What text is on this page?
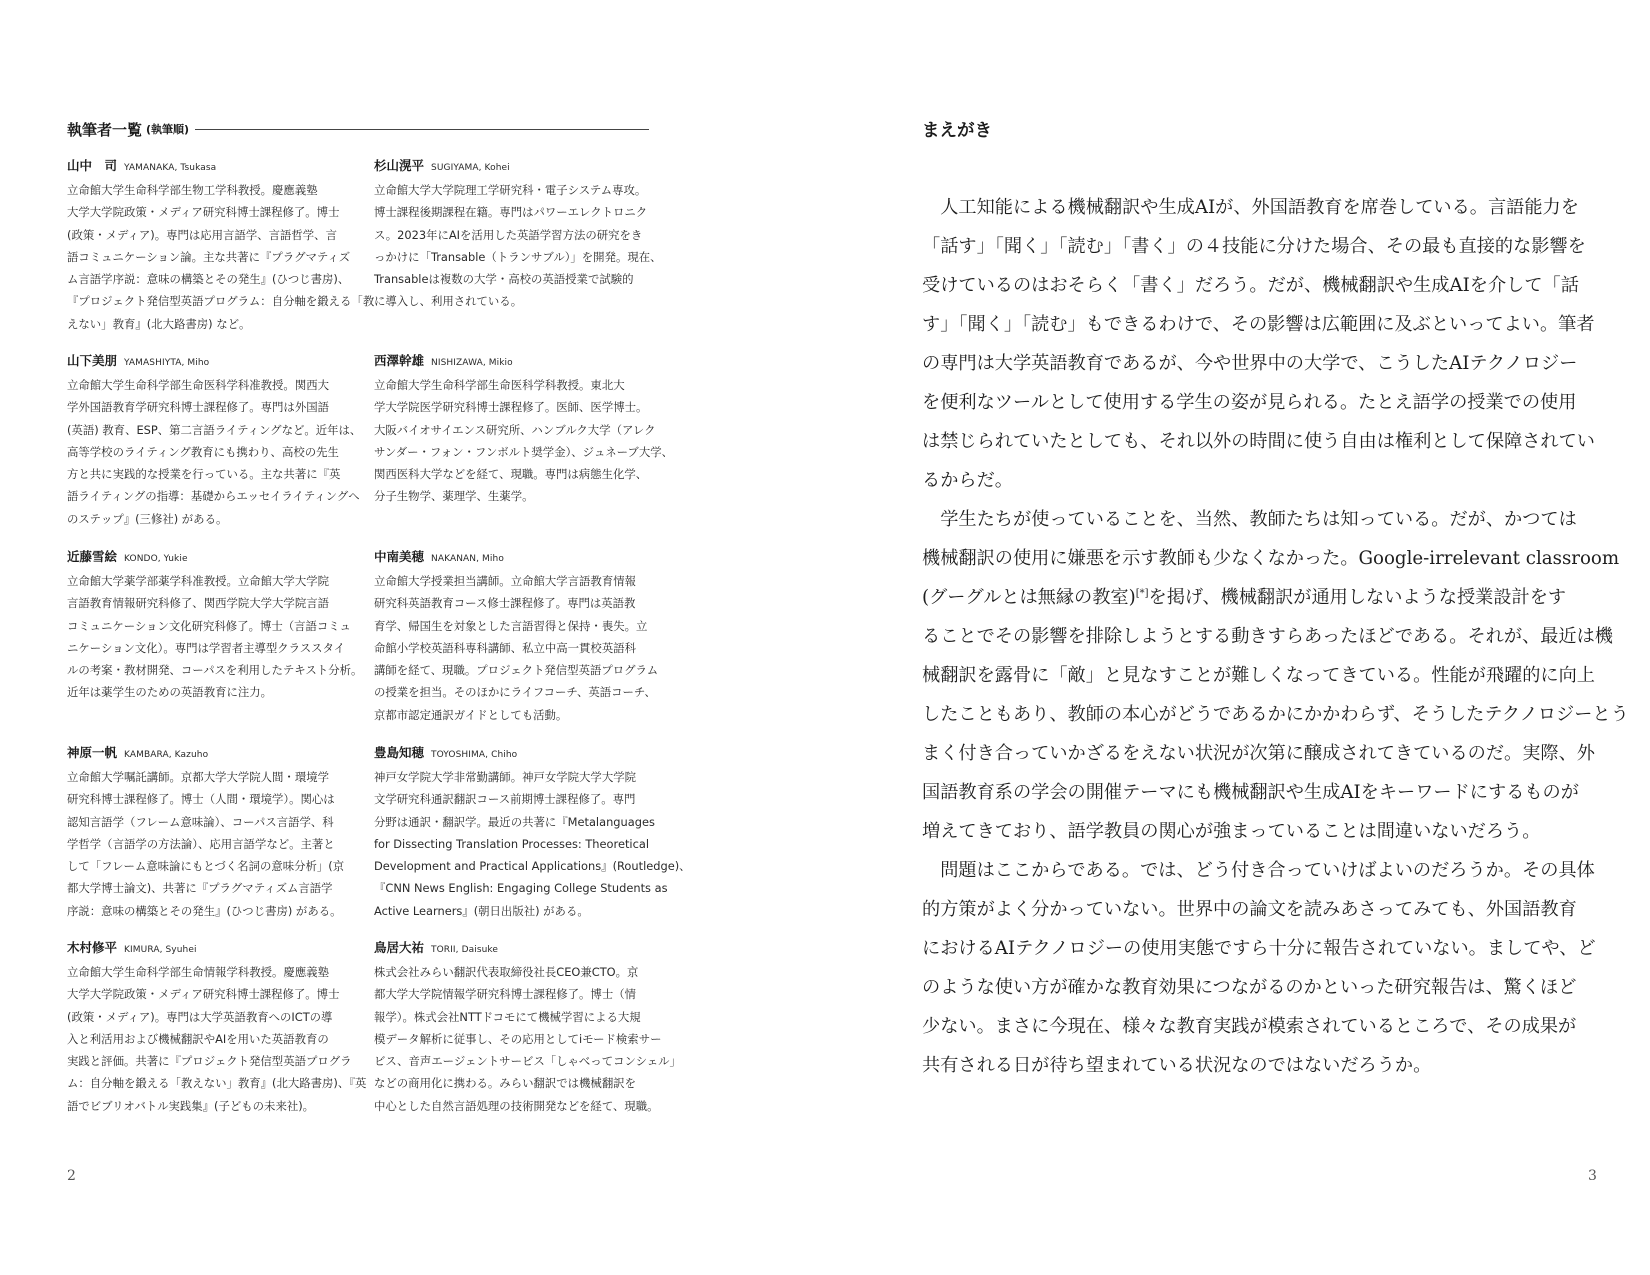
執筆者一覧 (執筆順)
山中　司 YAMANAKA, Tsukasa
立命館大学生命科学部生物工学科教授。慶應義塾
大学大学院政策・メディア研究科博士課程修了。博士
(政策・メディア)。専門は応用言語学、言語哲学、言
語コミュニケーション論。主な共著に『プラグマティズ
ム言語学序説：意味の構築とその発生』(ひつじ書房)、
『プロジェクト発信型英語プログラム：自分軸を鍛える「教
えない」教育』(北大路書房) など。
山下美朋 YAMASHIYTA, Miho
立命館大学生命科学部生命医科学科准教授。関西大
学外国語教育学研究科博士課程修了。専門は外国語
(英語) 教育、ESP、第二言語ライティングなど。近年は、
高等学校のライティング教育にも携わり、高校の先生
方と共に実践的な授業を行っている。主な共著に『英
語ライティングの指導：基礎からエッセイライティングへ
のステップ』(三修社) がある。
近藤雪絵 KONDO, Yukie
立命館大学薬学部薬学科准教授。立命館大学大学院
言語教育情報研究科修了、関西学院大学大学院言語
コミュニケーション文化研究科修了。博士（言語コミュ
ニケーション文化）。専門は学習者主導型クラススタイ
ルの考案・教材開発、コーパスを利用したテキスト分析。
近年は薬学生のための英語教育に注力。
神原一帆 KAMBARA, Kazuho
立命館大学嘱託講師。京都大学大学院人間・環境学
研究科博士課程修了。博士（人間・環境学）。関心は
認知言語学（フレーム意味論）、コーパス言語学、科
学哲学（言語学の方法論）、応用言語学など。主著と
して「フレーム意味論にもとづく名詞の意味分析」(京
都大学博士論文)、共著に『プラグマティズム言語学
序説：意味の構築とその発生』(ひつじ書房) がある。
木村修平 KIMURA, Syuhei
立命館大学生命科学部生命情報学科教授。慶應義塾
大学大学院政策・メディア研究科博士課程修了。博士
(政策・メディア)。専門は大学英語教育へのICTの導
入と利活用および機械翻訳やAIを用いた英語教育の
実践と評価。共著に『プロジェクト発信型英語プログラ
ム：自分軸を鍛える「教えない」教育』(北大路書房)、『英
語でビブリオバトル実践集』(子どもの未来社)。
杉山滉平 SUGIYAMA, Kohei
立命館大学大学院理工学研究科・電子システム専攻。
博士課程後期課程在籍。専門はパワーエレクトロニク
ス。2023年にAIを活用した英語学習方法の研究をき
っかけに「Transable（トランサブル）」を開発。現在、
Transableは複数の大学・高校の英語授業で試験的
に導入し、利用されている。
西澤幹雄 NISHIZAWA, Mikio
立命館大学生命科学部生命医科学科教授。東北大
学大学院医学研究科博士課程修了。医師、医学博士。
大阪バイオサイエンス研究所、ハンブルク大学（アレク
サンダー・フォン・フンボルト奨学金）、ジュネーブ大学、
関西医科大学などを経て、現職。専門は病態生化学、
分子生物学、薬理学、生薬学。
中南美穂 NAKANAN, Miho
立命館大学授業担当講師。立命館大学言語教育情報
研究科英語教育コース修士課程修了。専門は英語教
育学、帰国生を対象とした言語習得と保持・喪失。立
命館小学校英語科専科講師、私立中高一貫校英語科
講師を経て、現職。プロジェクト発信型英語プログラム
の授業を担当。そのほかにライフコーチ、英語コーチ、
京都市認定通訳ガイドとしても活動。
豊島知穂 TOYOSHIMA, Chiho
神戸女学院大学非常勤講師。神戸女学院大学大学院
文学研究科通訳翻訳コース前期博士課程修了。専門
分野は通訳・翻訳学。最近の共著に『Metalanguages
for Dissecting Translation Processes: Theoretical
Development and Practical Applications』(Routledge)、
『CNN News English: Engaging College Students as
Active Learners』(朝日出版社) がある。
鳥居大祐 TORII, Daisuke
株式会社みらい翻訳代表取締役社長CEO兼CTO。京
都大学大学院情報学研究科博士課程修了。博士（情
報学）。株式会社NTTドコモにて機械学習による大規
模データ解析に従事し、その応用としてiモード検索サー
ビス、音声エージェントサービス「しゃべってコンシェル」
などの商用化に携わる。みらい翻訳では機械翻訳を
中心とした自然言語処理の技術開発などを経て、現職。
2
まえがき
　人工知能による機械翻訳や生成AIが、外国語教育を席巻している。言語能力を
「話す」「聞く」「読む」「書く」の４技能に分けた場合、その最も直接的な影響を
受けているのはおそらく「書く」だろう。だが、機械翻訳や生成AIを介して「話
す」「聞く」「読む」もできるわけで、その影響は広範囲に及ぶといってよい。筆者
の専門は大学英語教育であるが、今や世界中の大学で、こうしたAIテクノロジー
を便利なツールとして使用する学生の姿が見られる。たとえ語学の授業での使用
は禁じられていたとしても、それ以外の時間に使う自由は権利として保障されてい
るからだ。
　学生たちが使っていることを、当然、教師たちは知っている。だが、かつては
機械翻訳の使用に嫌悪を示す教師も少なくなかった。Google-irrelevant classroom
(グーグルとは無縁の教室)[*]を掲げ、機械翻訳が通用しないような授業設計をす
ることでその影響を排除しようとする動きすらあったほどである。それが、最近は機
械翻訳を露骨に「敵」と見なすことが難しくなってきている。性能が飛躍的に向上
したこともあり、教師の本心がどうであるかにかかわらず、そうしたテクノロジーとう
まく付き合っていかざるをえない状況が次第に醸成されてきているのだ。実際、外
国語教育系の学会の開催テーマにも機械翻訳や生成AIをキーワードにするものが
増えてきており、語学教員の関心が強まっていることは間違いないだろう。
　問題はここからである。では、どう付き合っていけばよいのだろうか。その具体
的方策がよく分かっていない。世界中の論文を読みあさってみても、外国語教育
におけるAIテクノロジーの使用実態ですら十分に報告されていない。ましてや、ど
のような使い方が確かな教育効果につながるのかといった研究報告は、驚くほど
少ない。まさに今現在、様々な教育実践が模索されているところで、その成果が
共有される日が待ち望まれている状況なのではないだろうか。
3
